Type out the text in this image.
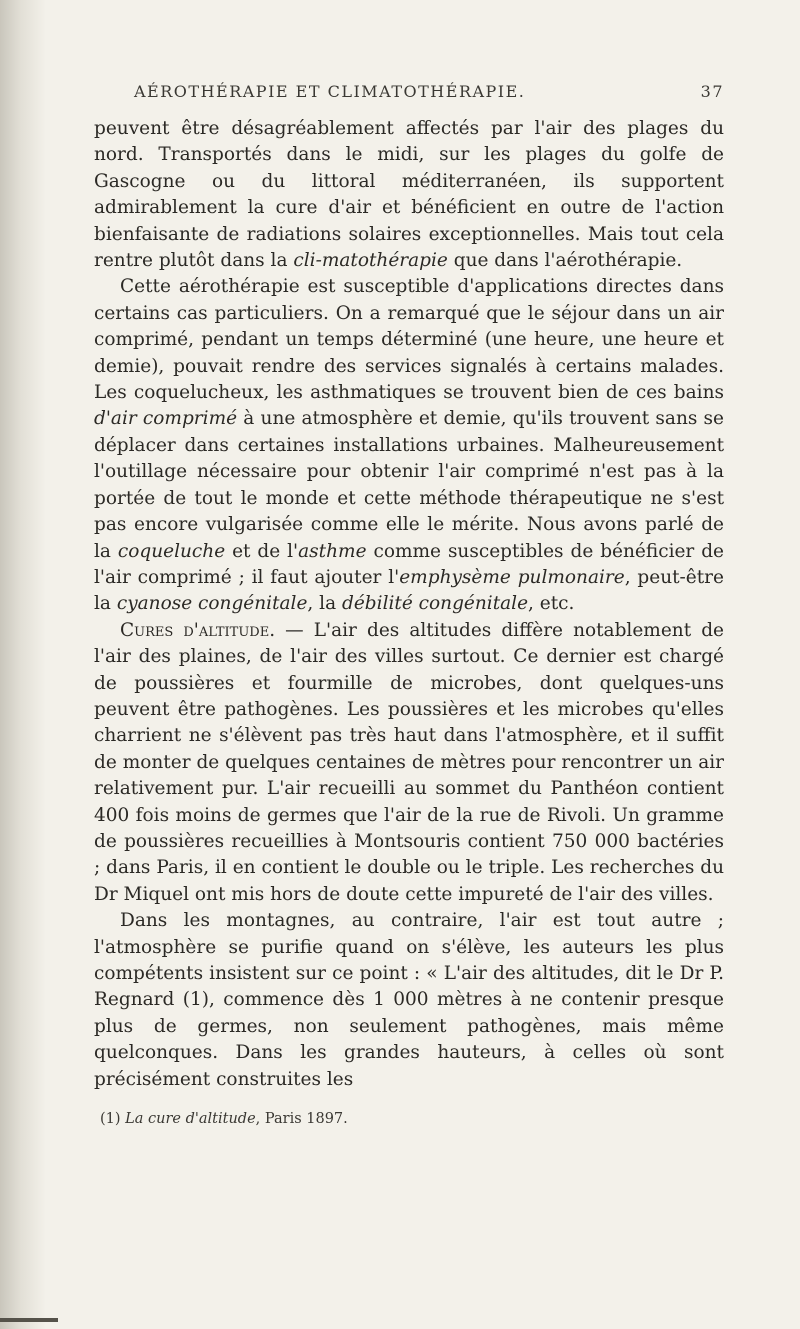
AÉROTHÉRAPIE ET CLIMATOTHÉRAPIE.	37

peuvent être désagréablement affectés par l'air des plages du nord. Transportés dans le midi, sur les plages du golfe de Gascogne ou du littoral méditerranéen, ils supportent admirablement la cure d'air et bénéficient en outre de l'action bienfaisante de radiations solaires exceptionnelles. Mais tout cela rentre plutôt dans la cli-matothérapie que dans l'aérothérapie.

Cette aérothérapie est susceptible d'applications directes dans certains cas particuliers. On a remarqué que le séjour dans un air comprimé, pendant un temps déterminé (une heure, une heure et demie), pouvait rendre des services signalés à certains malades. Les coquelucheux, les asthmatiques se trouvent bien de ces bains d'air comprimé à une atmosphère et demie, qu'ils trouvent sans se déplacer dans certaines installations urbaines. Malheureusement l'outillage nécessaire pour obtenir l'air comprimé n'est pas à la portée de tout le monde et cette méthode thérapeutique ne s'est pas encore vulgarisée comme elle le mérite. Nous avons parlé de la coqueluche et de l'asthme comme susceptibles de bénéficier de l'air comprimé ; il faut ajouter l'emphysème pulmonaire, peut-être la cyanose congénitale, la débilité congénitale, etc.

Cures d'altitude. — L'air des altitudes diffère notablement de l'air des plaines, de l'air des villes surtout. Ce dernier est chargé de poussières et fourmille de microbes, dont quelques-uns peuvent être pathogènes. Les poussières et les microbes qu'elles charrient ne s'élèvent pas très haut dans l'atmosphère, et il suffit de monter de quelques centaines de mètres pour rencontrer un air relativement pur. L'air recueilli au sommet du Panthéon contient 400 fois moins de germes que l'air de la rue de Rivoli. Un gramme de poussières recueillies à Montsouris contient 750 000 bactéries ; dans Paris, il en contient le double ou le triple. Les recherches du Dr Miquel ont mis hors de doute cette impureté de l'air des villes.

Dans les montagnes, au contraire, l'air est tout autre ; l'atmosphère se purifie quand on s'élève, les auteurs les plus compétents insistent sur ce point : « L'air des altitudes, dit le Dr P. Regnard (1), commence dès 1 000 mètres à ne contenir presque plus de germes, non seulement pathogènes, mais même quelconques. Dans les grandes hauteurs, à celles où sont précisément construites les

(1) La cure d'altitude, Paris 1897.
